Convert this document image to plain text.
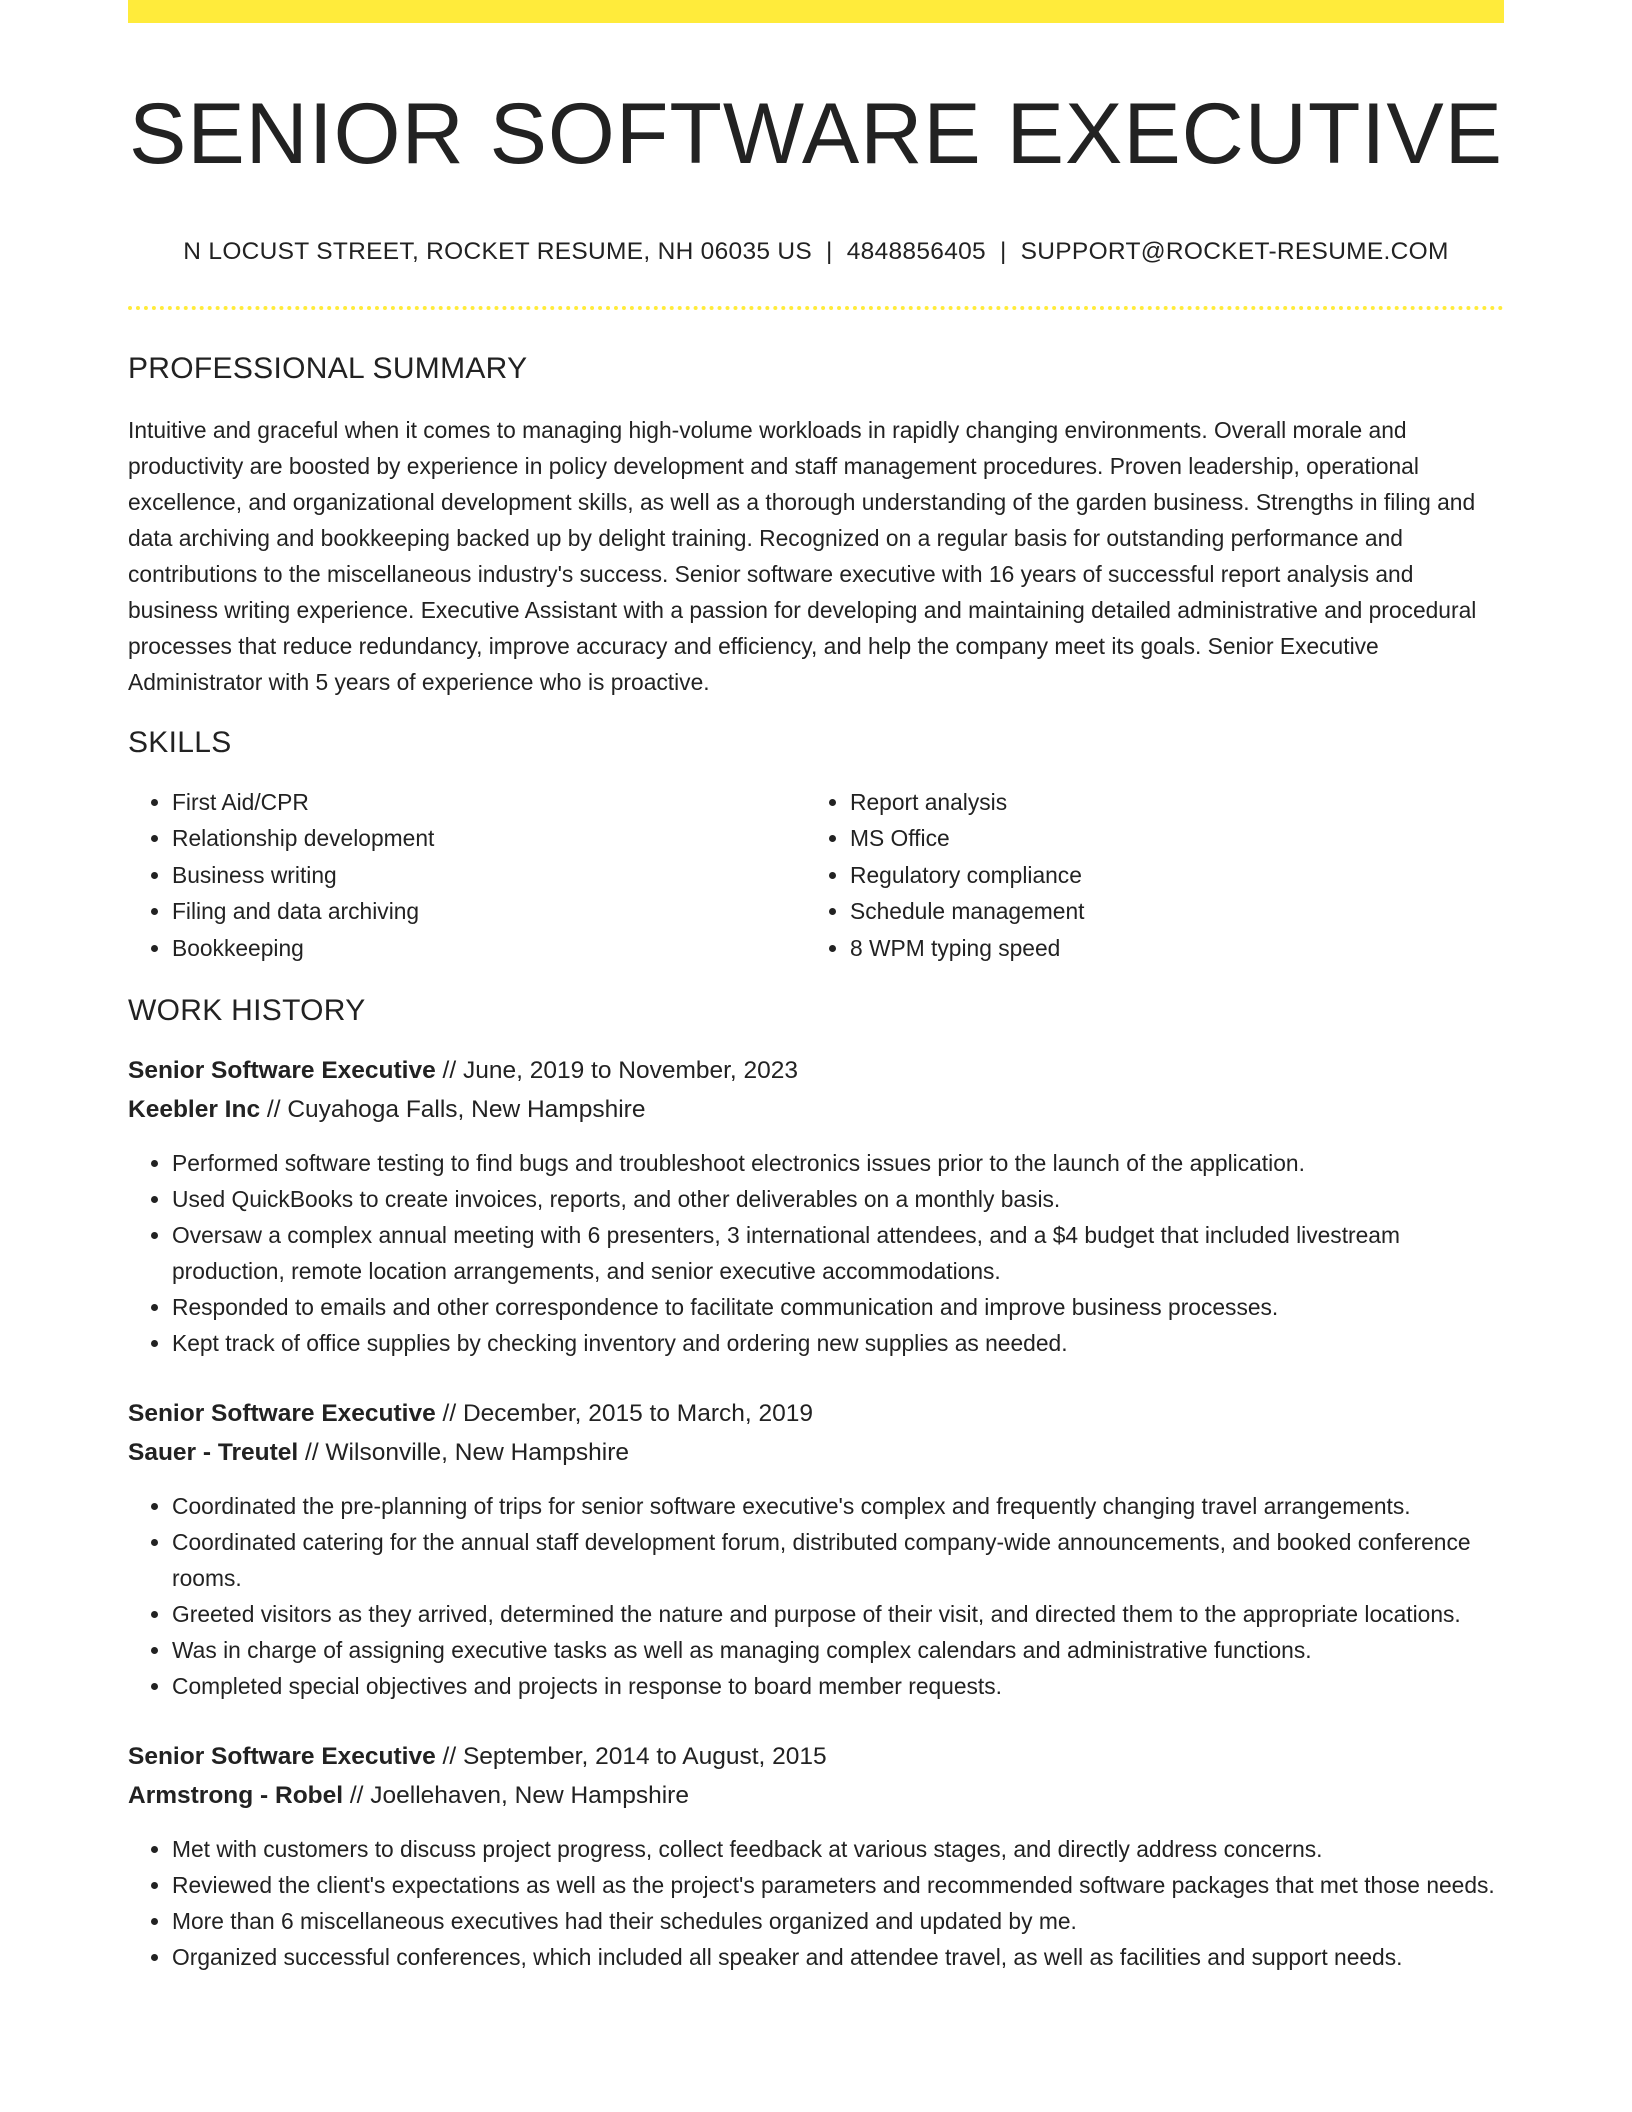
SENIOR SOFTWARE EXECUTIVE
N LOCUST STREET, ROCKET RESUME, NH 06035 US | 4848856405 | SUPPORT@ROCKET-RESUME.COM
PROFESSIONAL SUMMARY

Intuitive and graceful when it comes to managing high-volume workloads in rapidly changing environments. Overall morale and productivity are boosted by experience in policy development and staff management procedures. Proven leadership, operational excellence, and organizational development skills, as well as a thorough understanding of the garden business. Strengths in filing and data archiving and bookkeeping backed up by delight training. Recognized on a regular basis for outstanding performance and contributions to the miscellaneous industry's success. Senior software executive with 16 years of successful report analysis and business writing experience. Executive Assistant with a passion for developing and maintaining detailed administrative and procedural processes that reduce redundancy, improve accuracy and efficiency, and help the company meet its goals. Senior Executive Administrator with 5 years of experience who is proactive.

SKILLS
• First Aid/CPR
• Relationship development
• Business writing
• Filing and data archiving
• Bookkeeping
• Report analysis
• MS Office
• Regulatory compliance
• Schedule management
• 8 WPM typing speed
WORK HISTORY
Senior Software Executive // June, 2019 to November, 2023
Keebler Inc // Cuyahoga Falls, New Hampshire
• Performed software testing to find bugs and troubleshoot electronics issues prior to the launch of the application.
• Used QuickBooks to create invoices, reports, and other deliverables on a monthly basis.
• Oversaw a complex annual meeting with 6 presenters, 3 international attendees, and a $4 budget that included livestream production, remote location arrangements, and senior executive accommodations.
• Responded to emails and other correspondence to facilitate communication and improve business processes.
• Kept track of office supplies by checking inventory and ordering new supplies as needed.
Senior Software Executive // December, 2015 to March, 2019
Sauer - Treutel // Wilsonville, New Hampshire
• Coordinated the pre-planning of trips for senior software executive's complex and frequently changing travel arrangements.
• Coordinated catering for the annual staff development forum, distributed company-wide announcements, and booked conference rooms.
• Greeted visitors as they arrived, determined the nature and purpose of their visit, and directed them to the appropriate locations.
• Was in charge of assigning executive tasks as well as managing complex calendars and administrative functions.
• Completed special objectives and projects in response to board member requests.
Senior Software Executive // September, 2014 to August, 2015
Armstrong - Robel // Joellehaven, New Hampshire
• Met with customers to discuss project progress, collect feedback at various stages, and directly address concerns.
• Reviewed the client's expectations as well as the project's parameters and recommended software packages that met those needs.
• More than 6 miscellaneous executives had their schedules organized and updated by me.
• Organized successful conferences, which included all speaker and attendee travel, as well as facilities and support needs.
